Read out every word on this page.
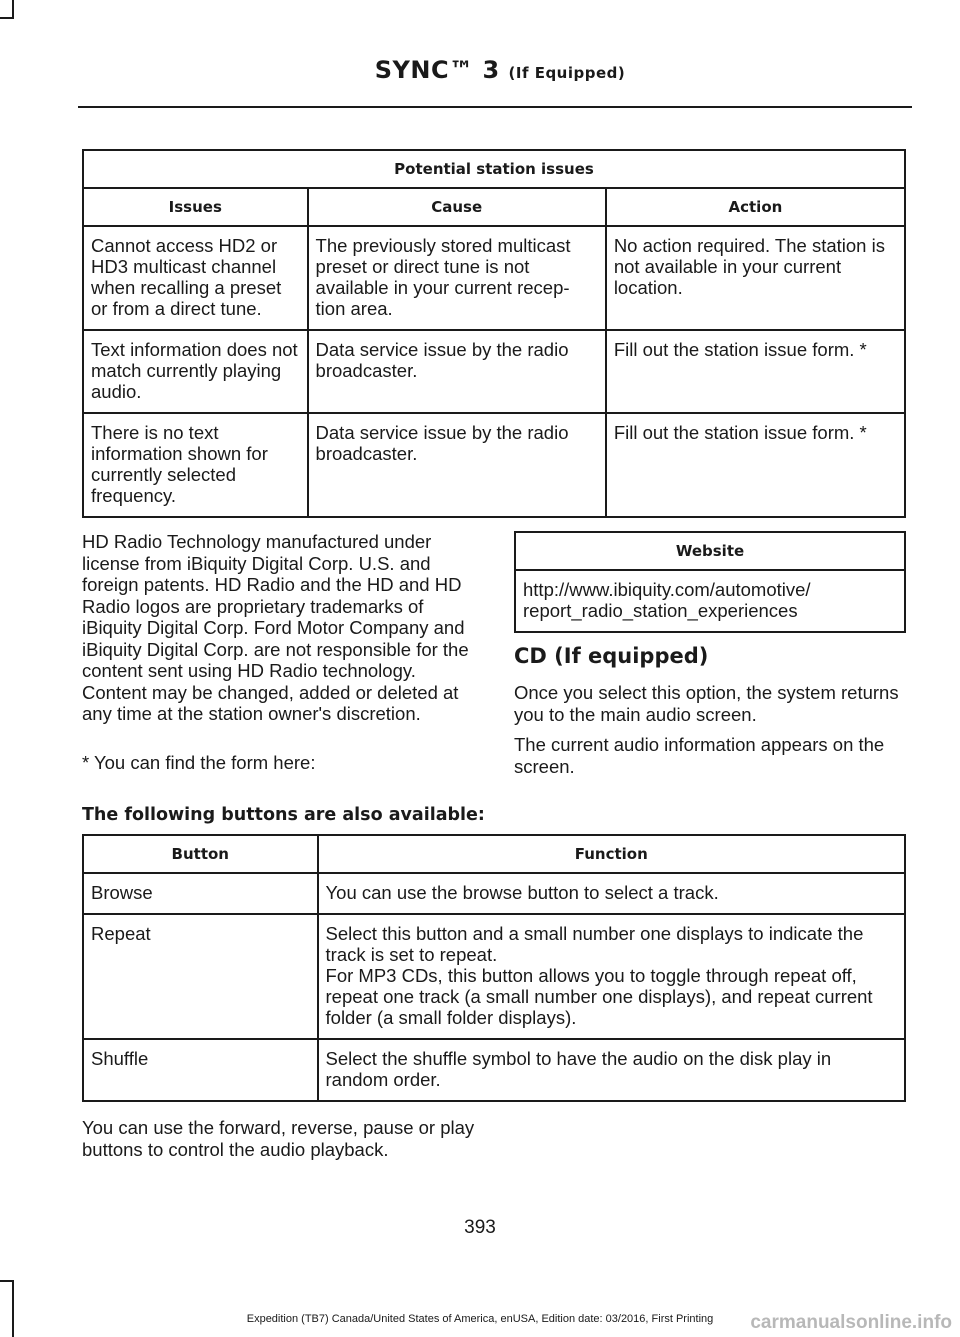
SYNC™ 3 (If Equipped)
Potential station issues		
Issues	Cause	Action
Cannot access HD2 or HD3 multicast channel when recalling a preset or from a direct tune.	The previously stored multicast preset or direct tune is not available in your current recep- tion area.	No action required. The station is not available in your current location.
Text information does not match currently playing audio.	Data service issue by the radio broadcaster.	Fill out the station issue form. *
There is no text information shown for currently selected frequency.	Data service issue by the radio broadcaster.	Fill out the station issue form. *
HD Radio Technology manufactured under license from iBiquity Digital Corp. U.S. and foreign patents. HD Radio and the HD and HD Radio logos are proprietary trademarks of iBiquity Digital Corp. Ford Motor Company and iBiquity Digital Corp. are not responsible for the content sent using HD Radio technology. Content may be changed, added or deleted at any time at the station owner's discretion.
* You can find the form here:
Website
http://www.ibiquity.com/automotive/ report_radio_station_experiences
CD (If equipped)
Once you select this option, the system returns you to the main audio screen.
The current audio information appears on the screen.
The following buttons are also available:
Button	Function
Browse	You can use the browse button to select a track.
Repeat	Select this button and a small number one displays to indicate the track is set to repeat.
For MP3 CDs, this button allows you to toggle through repeat off, repeat one track (a small number one displays), and repeat current folder (a small folder displays).

Shuffle	Select the shuffle symbol to have the audio on the disk play in random order.
You can use the forward, reverse, pause or play buttons to control the audio playback.
393
Expedition (TB7) Canada/United States of America, enUSA, Edition date: 03/2016, First Printing	carmanualsonline.info
